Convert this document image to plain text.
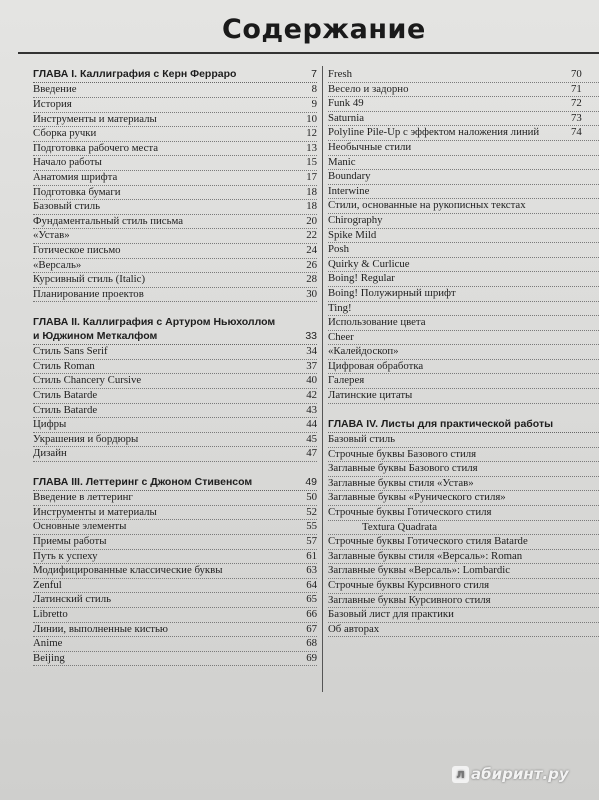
Содержание
ГЛАВА I. Каллиграфия с Керн Ферраро	7
Введение	8
История	9
Инструменты и материалы	10
Сборка ручки	12
Подготовка рабочего места	13
Начало работы	15
Анатомия шрифта	17
Подготовка бумаги	18
Базовый стиль	18
Фундаментальный стиль письма	20
«Устав»	22
Готическое письмо	24
«Версаль»	26
Курсивный стиль (Italic)	28
Планирование проектов	30
ГЛАВА II. Каллиграфия с Артуром Ньюхоллом
и Юджином Меткалфом	33
Стиль Sans Serif	34
Стиль Roman	37
Стиль Chancery Cursive	40
Стиль Batarde	42
Стиль Batarde	43
Цифры	44
Украшения и бордюры	45
Дизайн	47
ГЛАВА III. Леттеринг с Джоном Стивенсом	49
Введение в леттеринг	50
Инструменты и материалы	52
Основные элементы	55
Приемы работы	57
Путь к успеху	61
Модифицированные классические буквы	63
Zenful	64
Латинский стиль	65
Libretto	66
Линии, выполненные кистью	67
Anime	68
Beijing	69
Fresh	70
Весело и задорно	71
Funk 49	72
Saturnia	73
Polyline Pile-Up с эффектом наложения линий	74
Необычные стили
Manic
Boundary
Interwine
Стили, основанные на рукописных текстах
Chirography
Spike Mild
Posh
Quirky & Curlicue
Boing! Regular
Boing! Полужирный шрифт
Ting!
Использование цвета
Cheer
«Калейдоскоп»
Цифровая обработка
Галерея
Латинские цитаты
ГЛАВА IV. Листы для практической работы
Базовый стиль
Строчные буквы Базового стиля
Заглавные буквы Базового стиля
Заглавные буквы стиля «Устав»
Заглавные буквы «Рунического стиля»
Строчные буквы Готического стиля
Textura Quadrata
Строчные буквы Готического стиля Batarde
Заглавные буквы стиля «Версаль»: Roman
Заглавные буквы «Версаль»: Lombardic
Строчные буквы Курсивного стиля
Заглавные буквы Курсивного стиля
Базовый лист для практики
Об авторах
л абиринт.ру
